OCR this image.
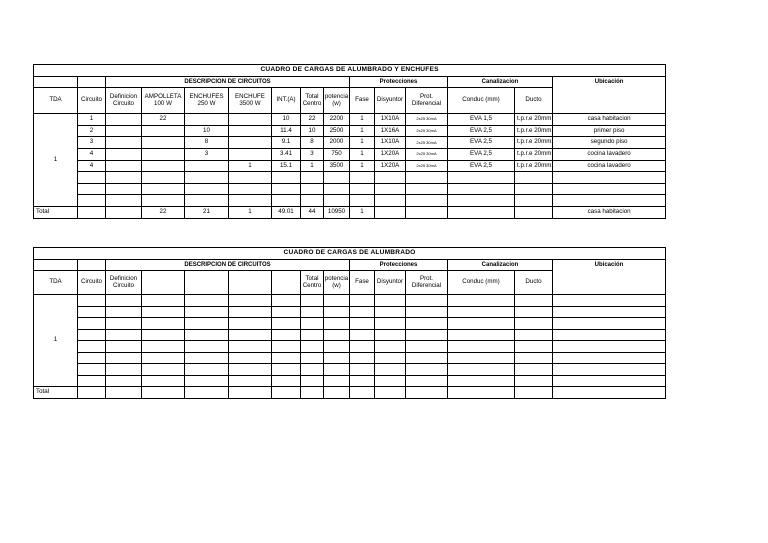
CUADRO DE CARGAS DE ALUMBRADO Y ENCHUFES														
		DESCRIPCION DE CIRCUITOS							Protecciones			Canalizacion		Ubicación
TDA	Circuito	Definicion Circuito	AMPOLLETA 100 W	ENCHUFES 250 W	ENCHUFE 3500 W	INT.(A)	Total Centro	potencia (w)	Fase	Disyuntor	Prot. Diferencial	Conduc (mm)	Ducto	
1	1		22			10	22	2200	1	1X10A	2x25 30mA	EVA 1,5	t.p.r.e 20mm	casa habitacion
	2			10		11.4	10	2500	1	1X16A	2x25 30mA	EVA 2,5	t.p.r.e 20mm	primer piso
	3			8		9.1	8	2000	1	1X10A	2x25 30mA	EVA 2,5	t.p.r.e 20mm	segundo piso
	4			3		3.41	3	750	1	1X20A	2x25 30mA	EVA 2,5	t.p.r.e 20mm	cocina lavadero
	4				1	15.1	1	3500	1	1X20A	2x25 30mA	EVA 2,5	t.p.r.e 20mm	cocina lavadero

Total			22	21	1	49.01	44	10950	1					casa habitacion
CUADRO DE CARGAS DE ALUMBRADO														
		DESCRIPCION DE CIRCUITOS							Protecciones			Canalizacion		Ubicación
TDA	Circuito	Definicion Circuito					Total Centro	potencia (w)	Fase	Disyuntor	Prot. Diferencial	Conduc (mm)	Ducto	
1														

Total														
